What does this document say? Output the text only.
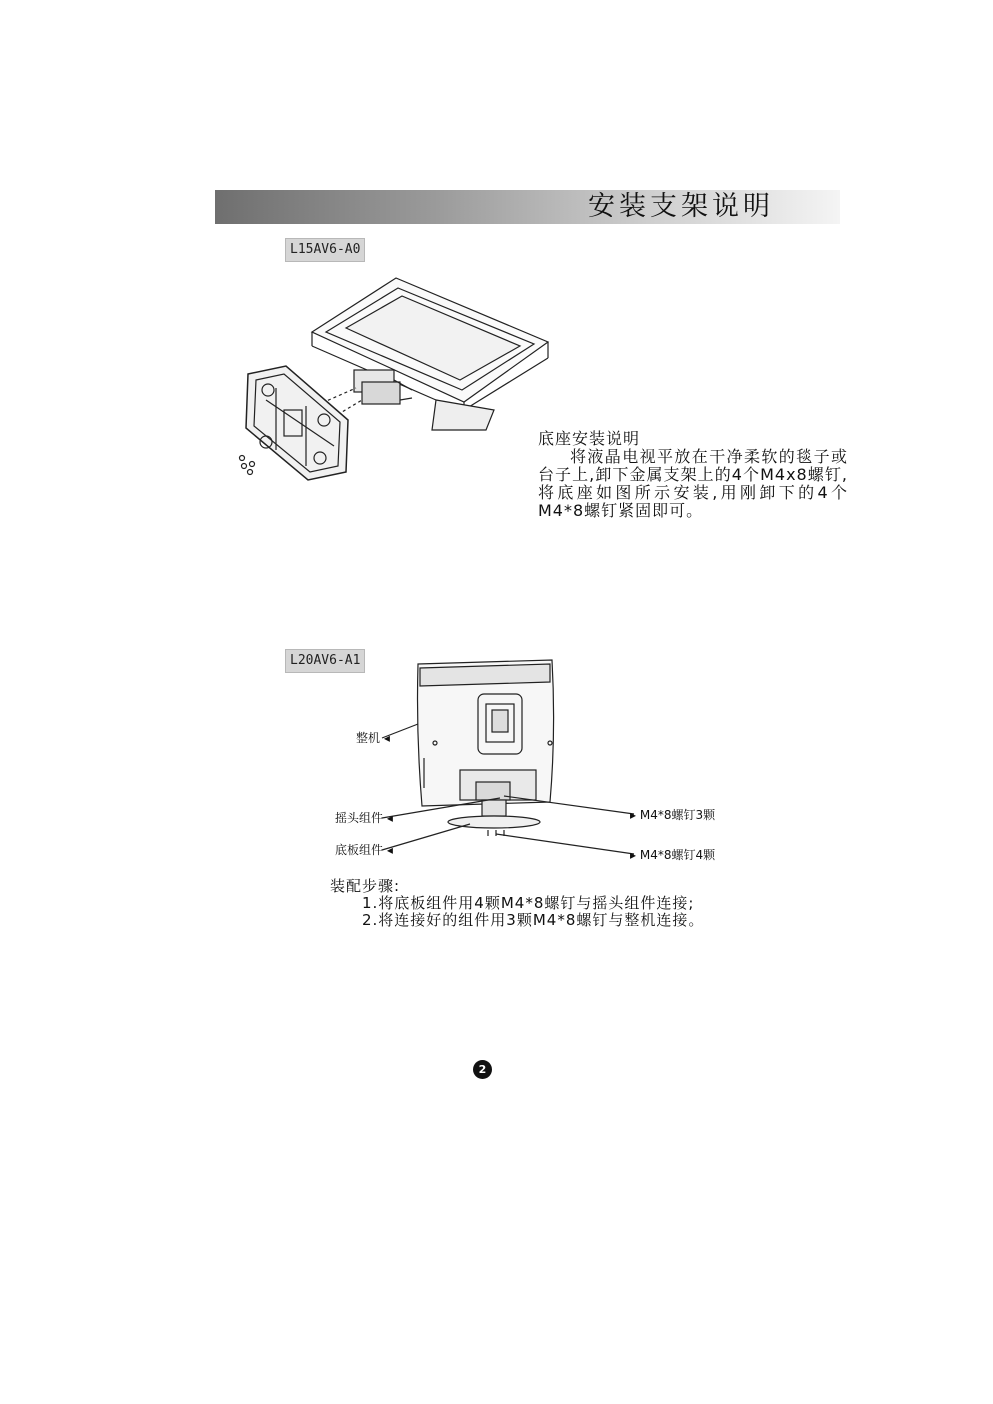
安装支架说明
L15AV6-A0

底座安装说明

将液晶电视平放在干净柔软的毯子或台子上,卸下金属支架上的4个M4x8螺钉,将底座如图所示安装,用刚卸下的4个M4*8螺钉紧固即可。

L20AV6-A1
整机 ◂
摇头组件 ◂
底板组件 ◂
▸ M4*8螺钉3颗
▸ M4*8螺钉4颗
装配步骤:
1.将底板组件用4颗M4*8螺钉与摇头组件连接;
2.将连接好的组件用3颗M4*8螺钉与整机连接。
2
